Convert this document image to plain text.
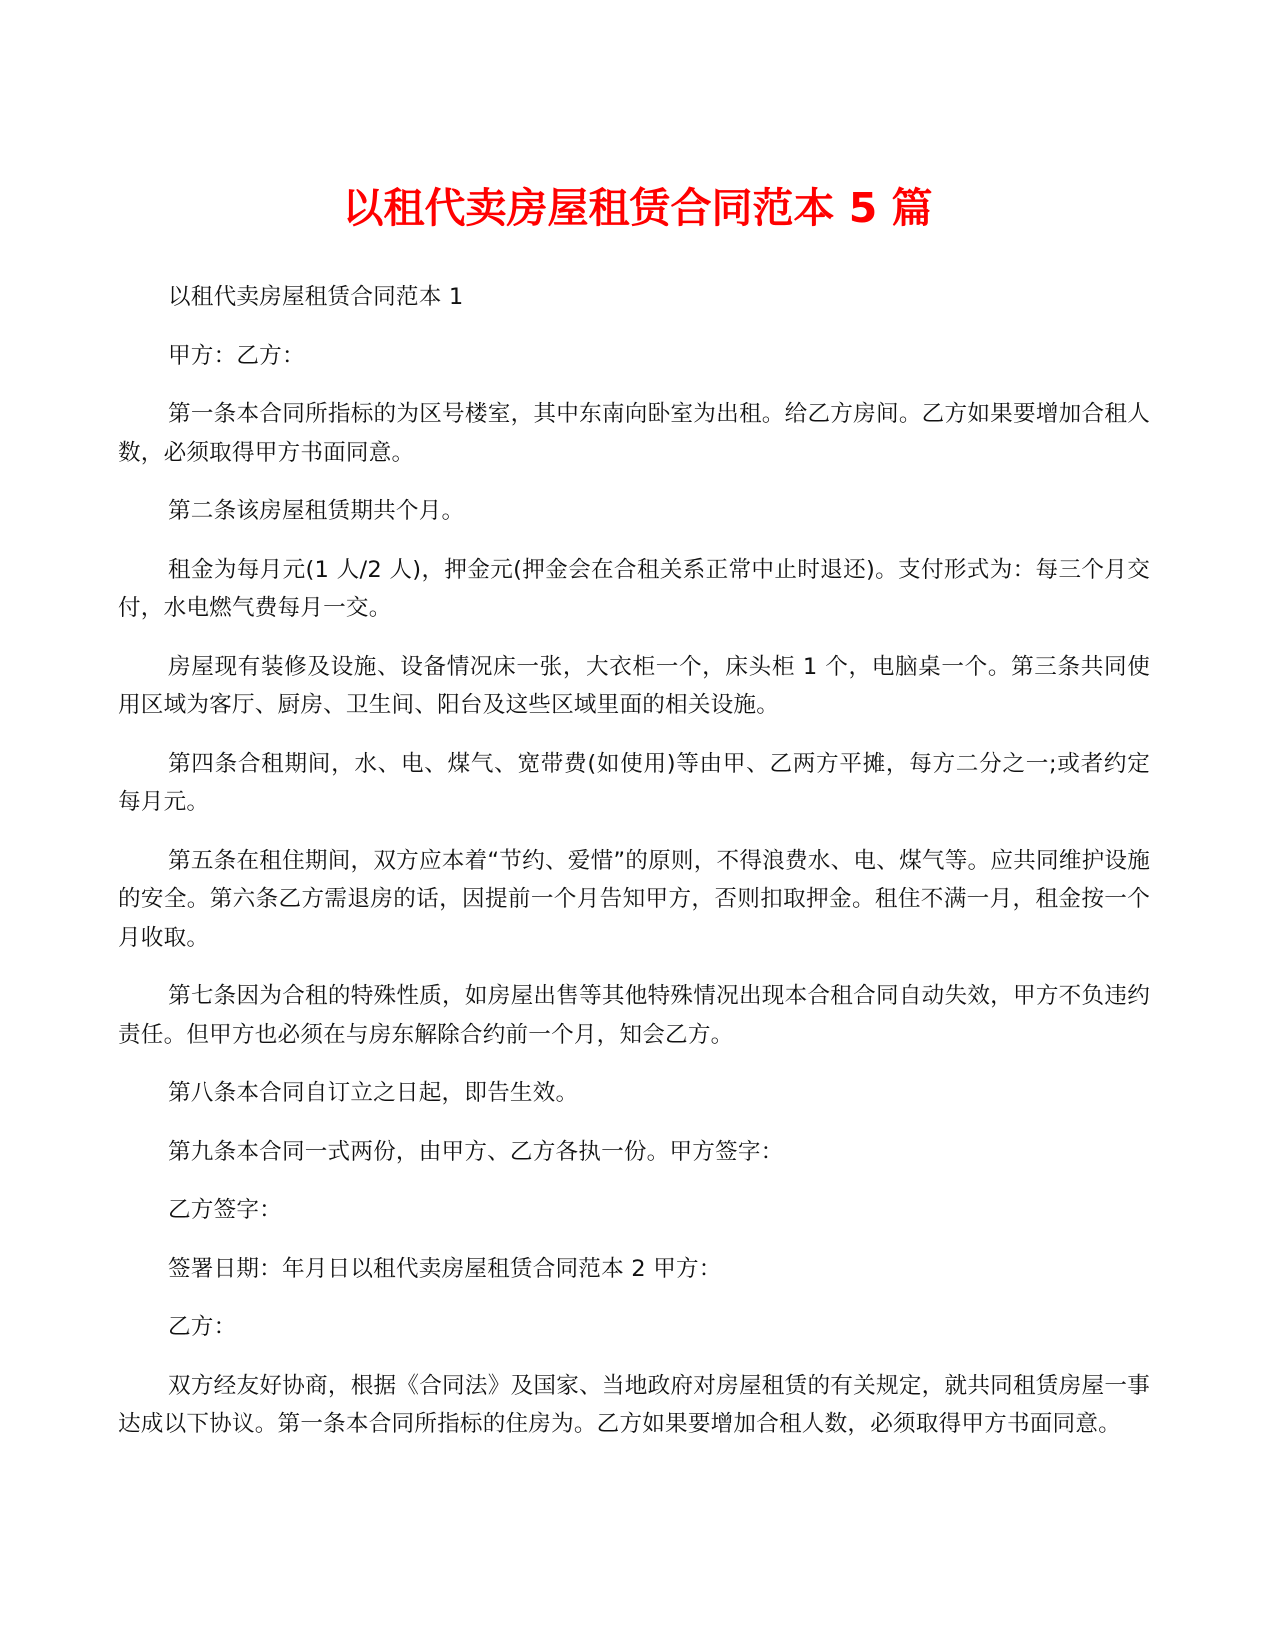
以租代卖房屋租赁合同范本 5 篇

以租代卖房屋租赁合同范本 1

甲方：乙方：

第一条本合同所指标的为区号楼室，其中东南向卧室为出租。给乙方房间。乙方如果要增加合租人数，必须取得甲方书面同意。

第二条该房屋租赁期共个月。

租金为每月元(1 人/2 人)，押金元(押金会在合租关系正常中止时退还)。支付形式为：每三个月交付，水电燃气费每月一交。

房屋现有装修及设施、设备情况床一张，大衣柜一个，床头柜 1 个，电脑桌一个。第三条共同使用区域为客厅、厨房、卫生间、阳台及这些区域里面的相关设施。

第四条合租期间，水、电、煤气、宽带费(如使用)等由甲、乙两方平摊，每方二分之一;或者约定每月元。

第五条在租住期间，双方应本着“节约、爱惜”的原则，不得浪费水、电、煤气等。应共同维护设施的安全。第六条乙方需退房的话，因提前一个月告知甲方，否则扣取押金。租住不满一月，租金按一个月收取。

第七条因为合租的特殊性质，如房屋出售等其他特殊情况出现本合租合同自动失效，甲方不负违约责任。但甲方也必须在与房东解除合约前一个月，知会乙方。

第八条本合同自订立之日起，即告生效。

第九条本合同一式两份，由甲方、乙方各执一份。甲方签字：

乙方签字：

签署日期：年月日以租代卖房屋租赁合同范本 2 甲方：

乙方：

双方经友好协商，根据《合同法》及国家、当地政府对房屋租赁的有关规定，就共同租赁房屋一事达成以下协议。第一条本合同所指标的住房为。乙方如果要增加合租人数，必须取得甲方书面同意。
